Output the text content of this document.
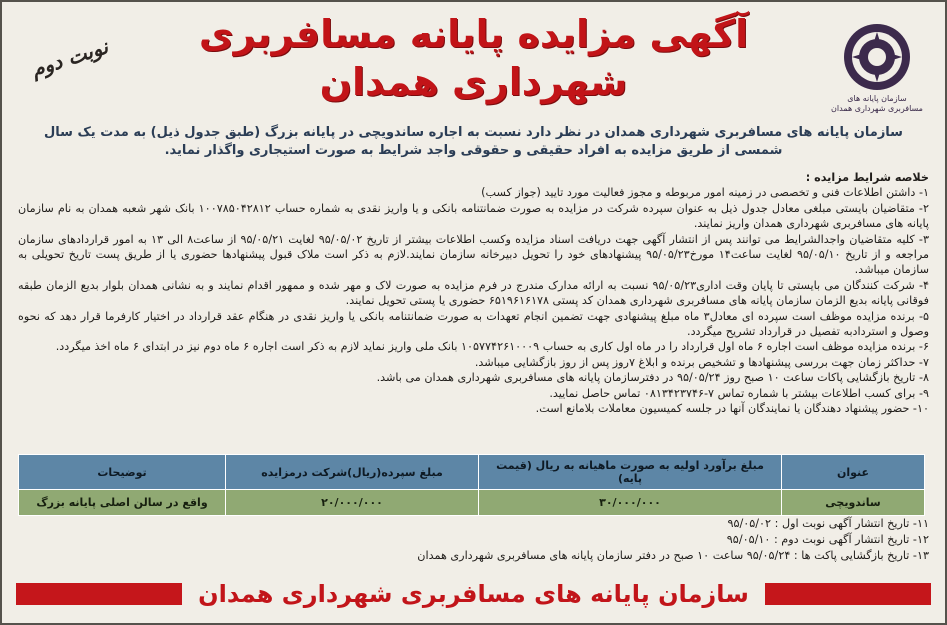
سازمان پایانه های مسافربری شهرداری همدان
آگهی مزایده پایانه مسافربری
شهرداری همدان
نوبت دوم
سازمان پایانه های مسافربری شهرداری همدان در نظر دارد نسبت به اجاره ساندویچی در پایانه بزرگ (طبق جدول ذیل) به مدت یک سال شمسی از طریق مزایده به افراد حقیقی و حقوقی واجد شرایط به صورت استیجاری واگذار نماید.

خلاصه شرایط مزایده :

۱- داشتن اطلاعات فنی و تخصصی در زمینه امور مربوطه و مجوز فعالیت مورد تایید (جواز کسب)

۲- متقاضیان بایستی مبلغی معادل جدول ذیل به عنوان سپرده شرکت در مزایده به صورت ضمانتنامه بانکی و یا واریز نقدی به شماره حساب ۱۰۰۷۸۵۰۴۲۸۱۲ بانک شهر شعبه همدان به نام سازمان پایانه های مسافربری شهرداری همدان واریز نمایند.

۳- کلیه متقاضیان واجدالشرایط می توانند پس از انتشار آگهی جهت دریافت اسناد مزایده وکسب اطلاعات بیشتر از تاریخ ۹۵/۰۵/۰۲ لغایت ۹۵/۰۵/۲۱ از ساعت۸ الی ۱۳ به امور قراردادهای سازمان مراجعه و از تاریخ ۹۵/۰۵/۱۰ لغایت ساعت۱۴ مورخ۹۵/۰۵/۲۳ پیشنهادهای خود را تحویل دبیرخانه سازمان نمایند.لازم به ذکر است ملاک قبول پیشنهادها حضوری یا از طریق پست تاریخ تحویلی به سازمان میباشد.

۴- شرکت کنندگان می بایستی تا پایان وقت اداری۹۵/۰۵/۲۳ نسبت به ارائه مدارک مندرج در فرم مزایده به صورت لاک و مهر شده و ممهور اقدام نمایند و به نشانی همدان بلوار بدیع الزمان طبقه فوقانی پایانه بدیع الزمان سازمان پایانه های مسافربری شهرداری همدان کد پستی ۶۵۱۹۶۱۶۱۷۸ حضوری یا پستی تحویل نمایند.

۵- برنده مزایده موظف است سپرده ای معادل۳ ماه مبلغ پیشنهادی جهت تضمین انجام تعهدات به صورت ضمانتنامه بانکی یا واریز نقدی در هنگام عقد قرارداد در اختیار کارفرما قرار دهد که نحوه وصول و استردادبه تفصیل در قرارداد تشریح میگردد.

۶- برنده مزایده موظف است اجاره ۶ ماه اول قرارداد را در ماه اول کاری به حساب ۱۰۵۷۷۴۲۶۱۰۰۰۹ بانک ملی واریز نماید لازم به ذکر است اجاره ۶ ماه دوم نیز در ابتدای ۶ ماه اخذ میگردد.

۷- حداکثر زمان جهت بررسی پیشنهادها و تشخیص برنده و ابلاغ ۷روز پس از روز بازگشایی میباشد.

۸- تاریخ بازگشایی پاکات ساعت ۱۰ صبح روز ۹۵/۰۵/۲۴ در دفترسازمان پایانه های مسافربری شهرداری همدان می باشد.

۹- برای کسب اطلاعات بیشتر با شماره تماس ۷-۰۸۱۳۴۲۳۷۴۶ تماس حاصل نمایید.

۱۰- حضور پیشنهاد دهندگان یا نمایندگان آنها در جلسه کمیسیون معاملات بلامانع است.

عنوان	مبلغ برآورد اولیه به صورت ماهیانه به ریال (قیمت پایه)	مبلغ سپرده(ریال)شرکت درمزایده	توضیحات
ساندویچی	۳۰/۰۰۰/۰۰۰	۲۰/۰۰۰/۰۰۰	واقع در سالن اصلی پایانه بزرگ

۱۱- تاریخ انتشار آگهی نوبت اول : ۹۵/۰۵/۰۲

۱۲- تاریخ انتشار آگهی نوبت دوم : ۹۵/۰۵/۱۰

۱۳- تاریخ بازگشایی پاکت ها : ۹۵/۰۵/۲۴ ساعت ۱۰ صبح در دفتر سازمان پایانه های مسافربری شهرداری همدان

سازمان پایانه های مسافربری شهرداری همدان
